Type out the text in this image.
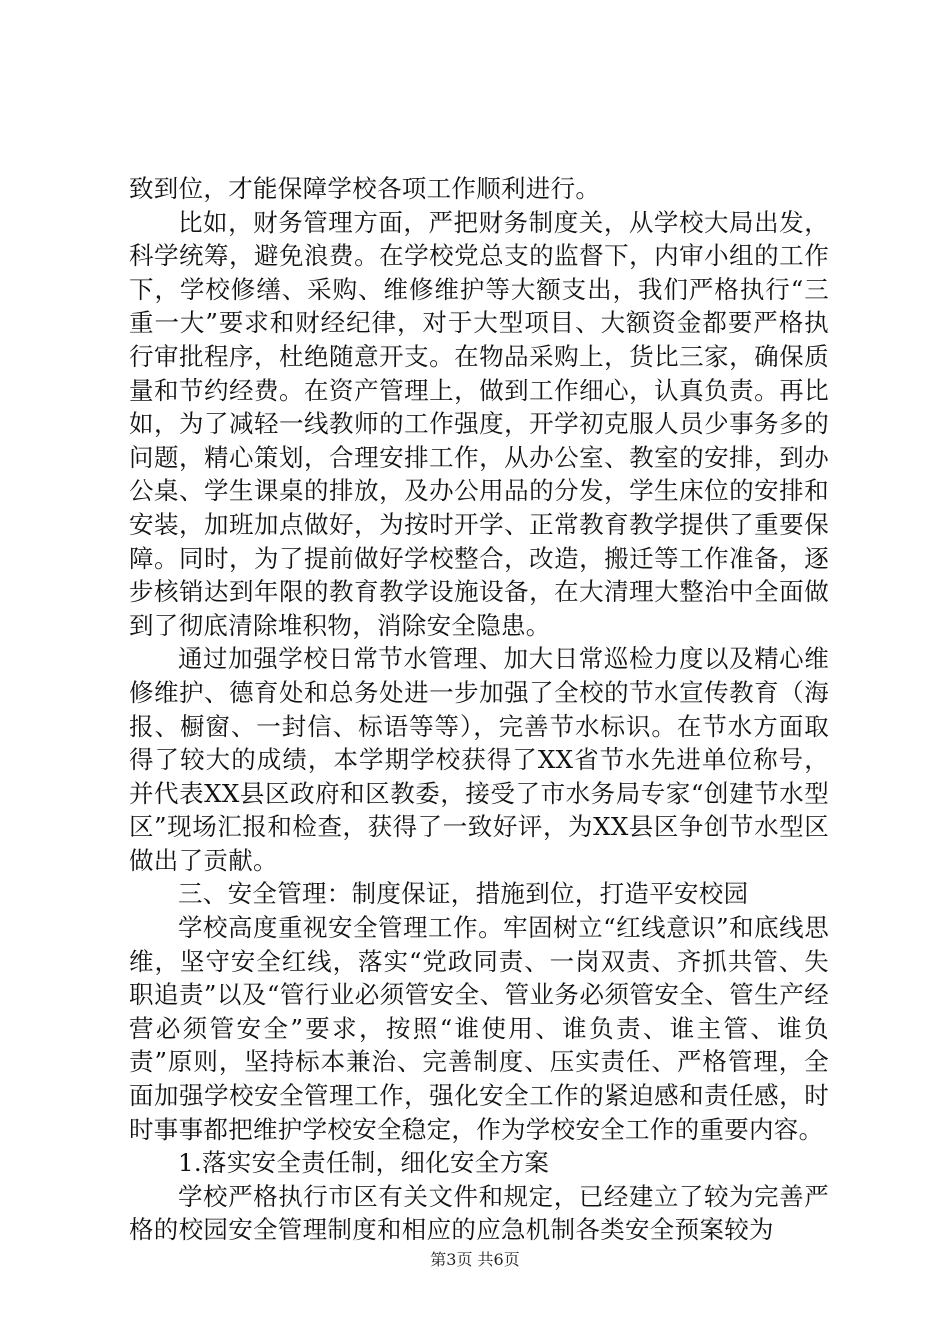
致到位，才能保障学校各项工作顺利进行。

比如，财务管理方面，严把财务制度关，从学校大局出发，科学统筹，避免浪费。在学校党总支的监督下，内审小组的工作下，学校修缮、采购、维修维护等大额支出，我们严格执行“三重一大”要求和财经纪律，对于大型项目、大额资金都要严格执行审批程序，杜绝随意开支。在物品采购上，货比三家，确保质量和节约经费。在资产管理上，做到工作细心，认真负责。再比如，为了减轻一线教师的工作强度，开学初克服人员少事务多的问题，精心策划，合理安排工作，从办公室、教室的安排，到办公桌、学生课桌的排放，及办公用品的分发，学生床位的安排和安装，加班加点做好，为按时开学、正常教育教学提供了重要保障。同时，为了提前做好学校整合，改造，搬迁等工作准备，逐步核销达到年限的教育教学设施设备，在大清理大整治中全面做到了彻底清除堆积物，消除安全隐患。

通过加强学校日常节水管理、加大日常巡检力度以及精心维修维护、德育处和总务处进一步加强了全校的节水宣传教育（海报、橱窗、一封信、标语等等），完善节水标识。在节水方面取得了较大的成绩，本学期学校获得了XX省节水先进单位称号，并代表XX县区政府和区教委，接受了市水务局专家“创建节水型区”现场汇报和检查，获得了一致好评，为XX县区争创节水型区做出了贡献。

三、安全管理：制度保证，措施到位，打造平安校园

学校高度重视安全管理工作。牢固树立“红线意识”和底线思维，坚守安全红线，落实“党政同责、一岗双责、齐抓共管、失职追责”以及“管行业必须管安全、管业务必须管安全、管生产经营必须管安全”要求，按照“谁使用、谁负责、谁主管、谁负责”原则，坚持标本兼治、完善制度、压实责任、严格管理，全面加强学校安全管理工作，强化安全工作的紧迫感和责任感，时时事事都把维护学校安全稳定，作为学校安全工作的重要内容。

1.落实安全责任制，细化安全方案

学校严格执行市区有关文件和规定，已经建立了较为完善严格的校园安全管理制度和相应的应急机制各类安全预案较为

第3页 共6页
